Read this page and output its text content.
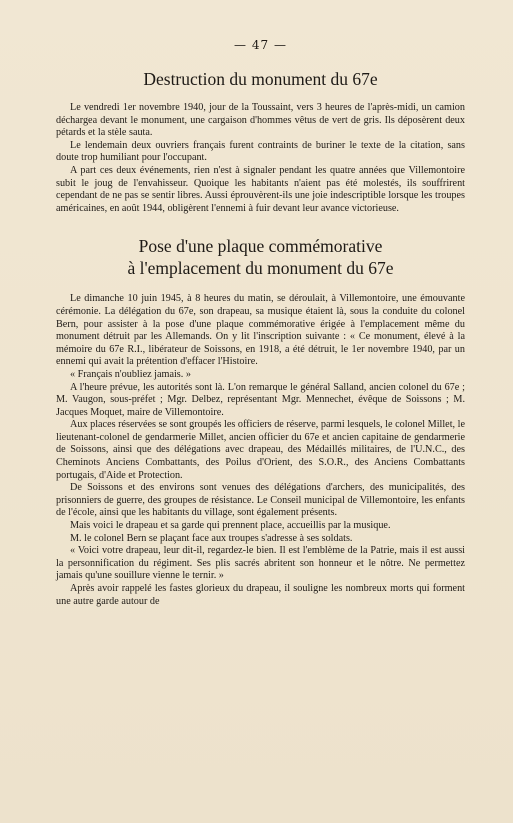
— 47 —
Destruction du monument du 67e

Le vendredi 1er novembre 1940, jour de la Toussaint, vers 3 heures de l'après-midi, un camion déchargea devant le monument, une cargaison d'hommes vêtus de vert de gris. Ils déposèrent deux pétards et la stèle sauta.

Le lendemain deux ouvriers français furent contraints de buriner le texte de la citation, sans doute trop humiliant pour l'occupant.

A part ces deux événements, rien n'est à signaler pendant les quatre années que Villemontoire subit le joug de l'envahisseur. Quoique les habitants n'aient pas été molestés, ils souffrirent cependant de ne pas se sentir libres. Aussi éprouvèrent-ils une joie indescriptible lorsque les troupes américaines, en août 1944, obligèrent l'ennemi à fuir devant leur avance victorieuse.

Pose d'une plaque commémorative
à l'emplacement du monument du 67e

Le dimanche 10 juin 1945, à 8 heures du matin, se déroulait, à Villemontoire, une émouvante cérémonie. La délégation du 67e, son drapeau, sa musique étaient là, sous la conduite du colonel Bern, pour assister à la pose d'une plaque commémorative érigée à l'emplacement même du monument détruit par les Allemands. On y lit l'inscription suivante : « Ce monument, élevé à la mémoire du 67e R.I., libérateur de Soissons, en 1918, a été détruit, le 1er novembre 1940, par un ennemi qui avait la prétention d'effacer l'Histoire.

« Français n'oubliez jamais. »

A l'heure prévue, les autorités sont là. L'on remarque le général Salland, ancien colonel du 67e ; M. Vaugon, sous-préfet ; Mgr. Delbez, représentant Mgr. Mennechet, évêque de Soissons ; M. Jacques Moquet, maire de Villemontoire.

Aux places réservées se sont groupés les officiers de réserve, parmi lesquels, le colonel Millet, le lieutenant-colonel de gendarmerie Millet, ancien officier du 67e et ancien capitaine de gendarmerie de Soissons, ainsi que des délégations avec drapeau, des Médaillés militaires, de l'U.N.C., des Cheminots Anciens Combattants, des Poilus d'Orient, des S.O.R., des Anciens Combattants portugais, d'Aide et Protection.

De Soissons et des environs sont venues des délégations d'archers, des municipalités, des prisonniers de guerre, des groupes de résistance. Le Conseil municipal de Villemontoire, les enfants de l'école, ainsi que les habitants du village, sont également présents.

Mais voici le drapeau et sa garde qui prennent place, accueillis par la musique.

M. le colonel Bern se plaçant face aux troupes s'adresse à ses soldats.

« Voici votre drapeau, leur dit-il, regardez-le bien. Il est l'emblème de la Patrie, mais il est aussi la personnification du régiment. Ses plis sacrés abritent son honneur et le nôtre. Ne permettez jamais qu'une souillure vienne le ternir. »

Après avoir rappelé les fastes glorieux du drapeau, il souligne les nombreux morts qui forment une autre garde autour de
